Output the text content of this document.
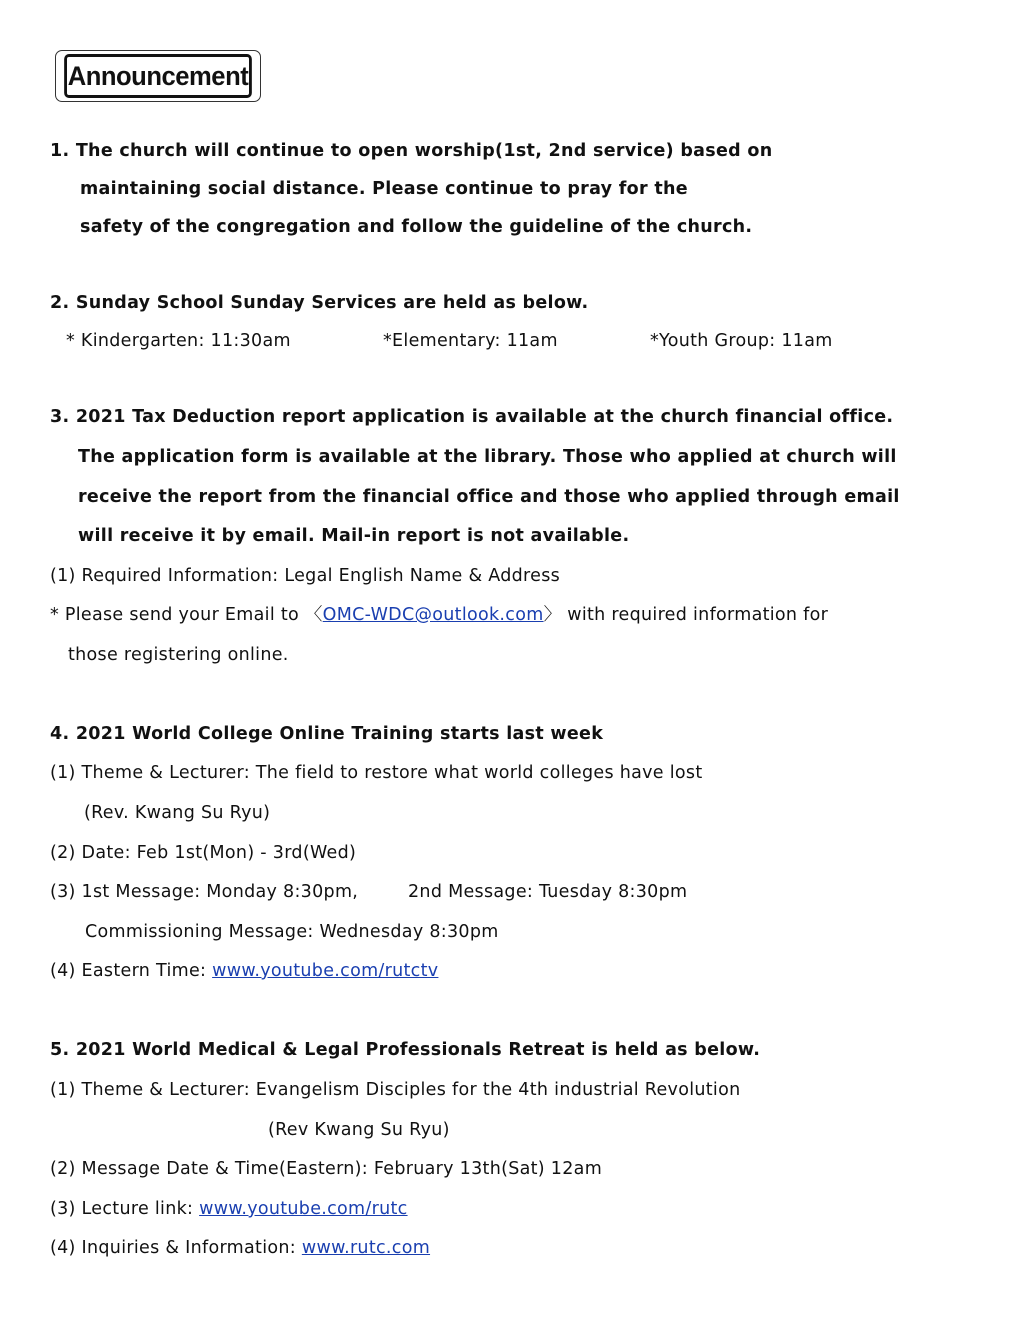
Announcement
1. The church will continue to open worship(1st, 2nd service) based on
maintaining social distance. Please continue to pray for the
safety of the congregation and follow the guideline of the church.
2. Sunday School Sunday Services are held as below.
* Kindergarten: 11:30am	*Elementary: 11am	*Youth Group: 11am
3. 2021 Tax Deduction report application is available at the church financial office.
The application form is available at the library. Those who applied at church will
receive the report from the financial office and those who applied through email
will receive it by email. Mail-in report is not available.
(1) Required Information: Legal English Name & Address
* Please send your Email to 〈OMC-WDC@outlook.com〉 with required information for
those registering online.
4. 2021 World College Online Training starts last week
(1) Theme & Lecturer: The field to restore what world colleges have lost
(Rev. Kwang Su Ryu)
(2) Date: Feb 1st(Mon) - 3rd(Wed)
(3) 1st Message: Monday 8:30pm,	2nd Message: Tuesday 8:30pm
Commissioning Message: Wednesday 8:30pm
(4) Eastern Time: www.youtube.com/rutctv
5. 2021 World Medical & Legal Professionals Retreat is held as below.
(1) Theme & Lecturer: Evangelism Disciples for the 4th industrial Revolution
(Rev Kwang Su Ryu)
(2) Message Date & Time(Eastern): February 13th(Sat) 12am
(3) Lecture link: www.youtube.com/rutc
(4) Inquiries & Information: www.rutc.com
